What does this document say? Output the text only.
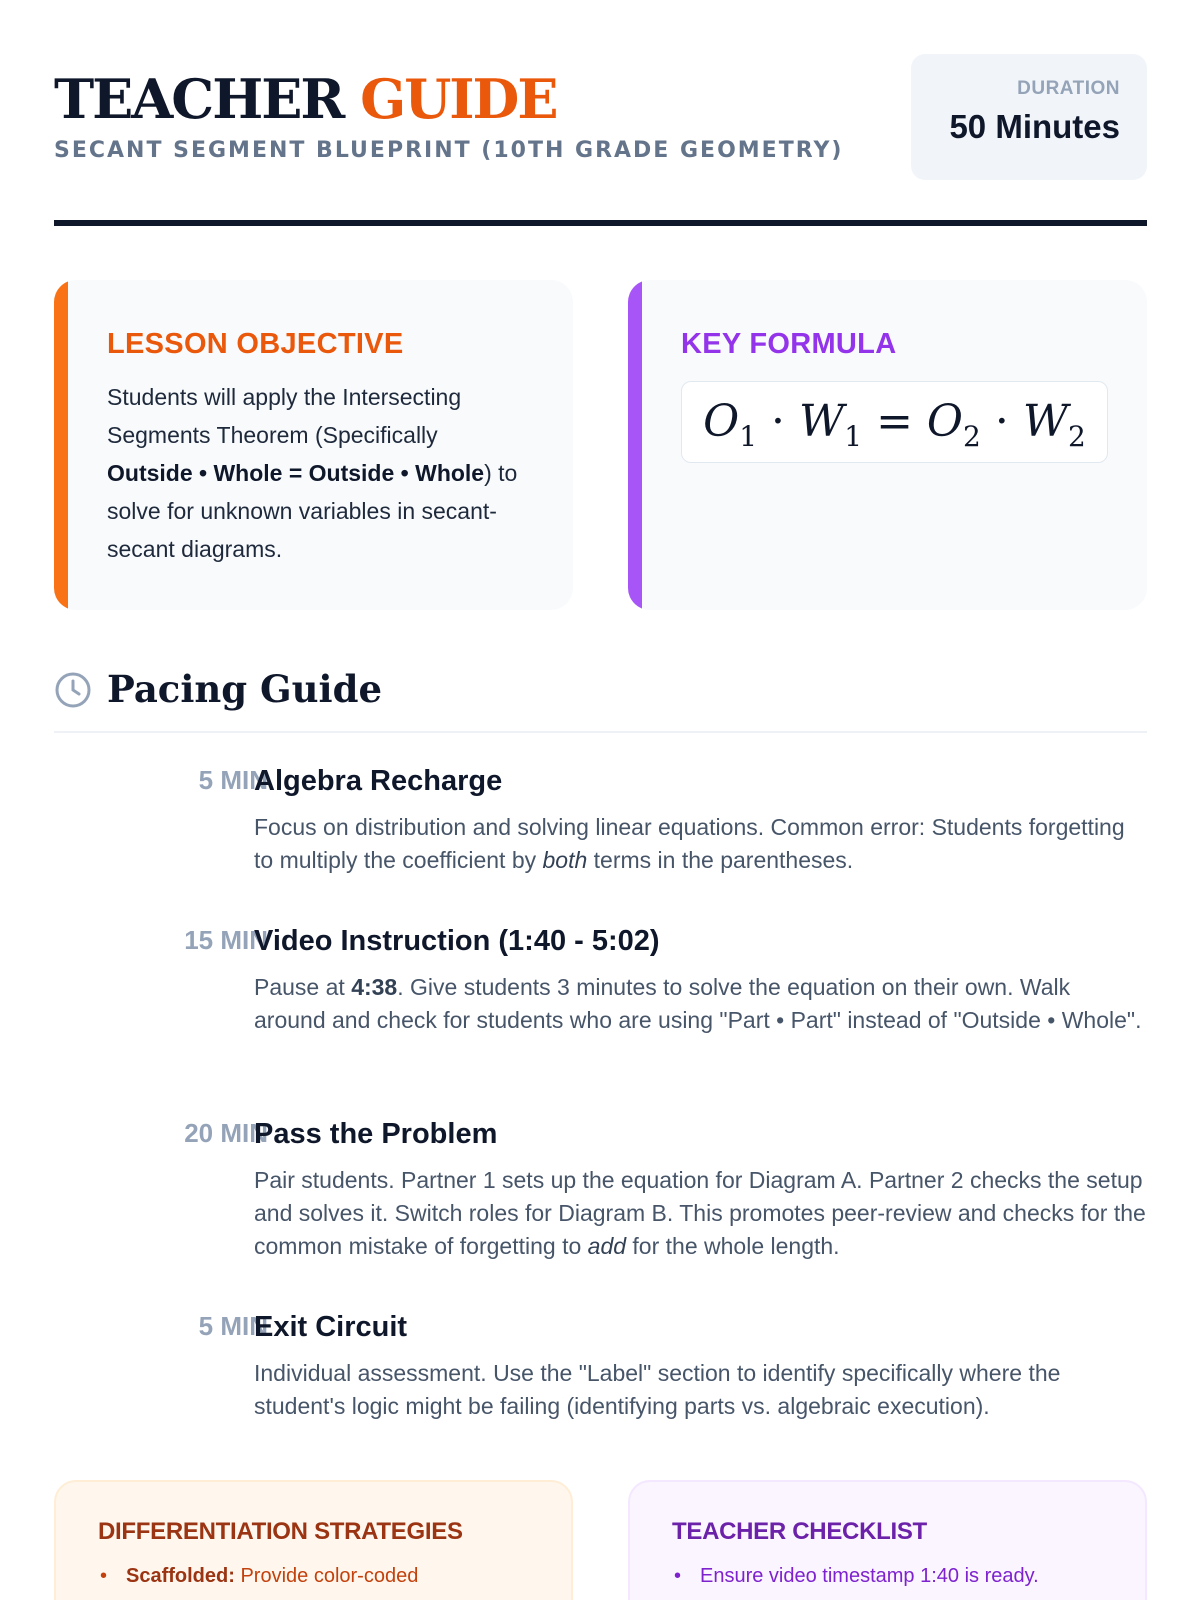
TEACHER GUIDE
SECANT SEGMENT BLUEPRINT (10TH GRADE GEOMETRY)
DURATION
50 Minutes
LESSON OBJECTIVE
Students will apply the Intersecting Segments Theorem (Specifically Outside • Whole = Outside • Whole) to solve for unknown variables in secant-secant diagrams.
KEY FORMULA
$O_1 \cdot W_1 = O_2 \cdot W_2$
Pacing Guide
5 MIN
Algebra Recharge
Focus on distribution and solving linear equations. Common error: Students forgetting to multiply the coefficient by both terms in the parentheses.
15 MIN
Video Instruction (1:40 - 5:02)
Pause at 4:38. Give students 3 minutes to solve the equation on their own. Walk around and check for students who are using "Part • Part" instead of "Outside • Whole".
20 MIN
Pass the Problem
Pair students. Partner 1 sets up the equation for Diagram A. Partner 2 checks the setup and solves it. Switch roles for Diagram B. This promotes peer-review and checks for the common mistake of forgetting to add for the whole length.
5 MIN
Exit Circuit
Individual assessment. Use the "Label" section to identify specifically where the student's logic might be failing (identifying parts vs. algebraic execution).
DIFFERENTIATION STRATEGIES
• Scaffolded: Provide color-coded
TEACHER CHECKLIST
• Ensure video timestamp 1:40 is ready.
